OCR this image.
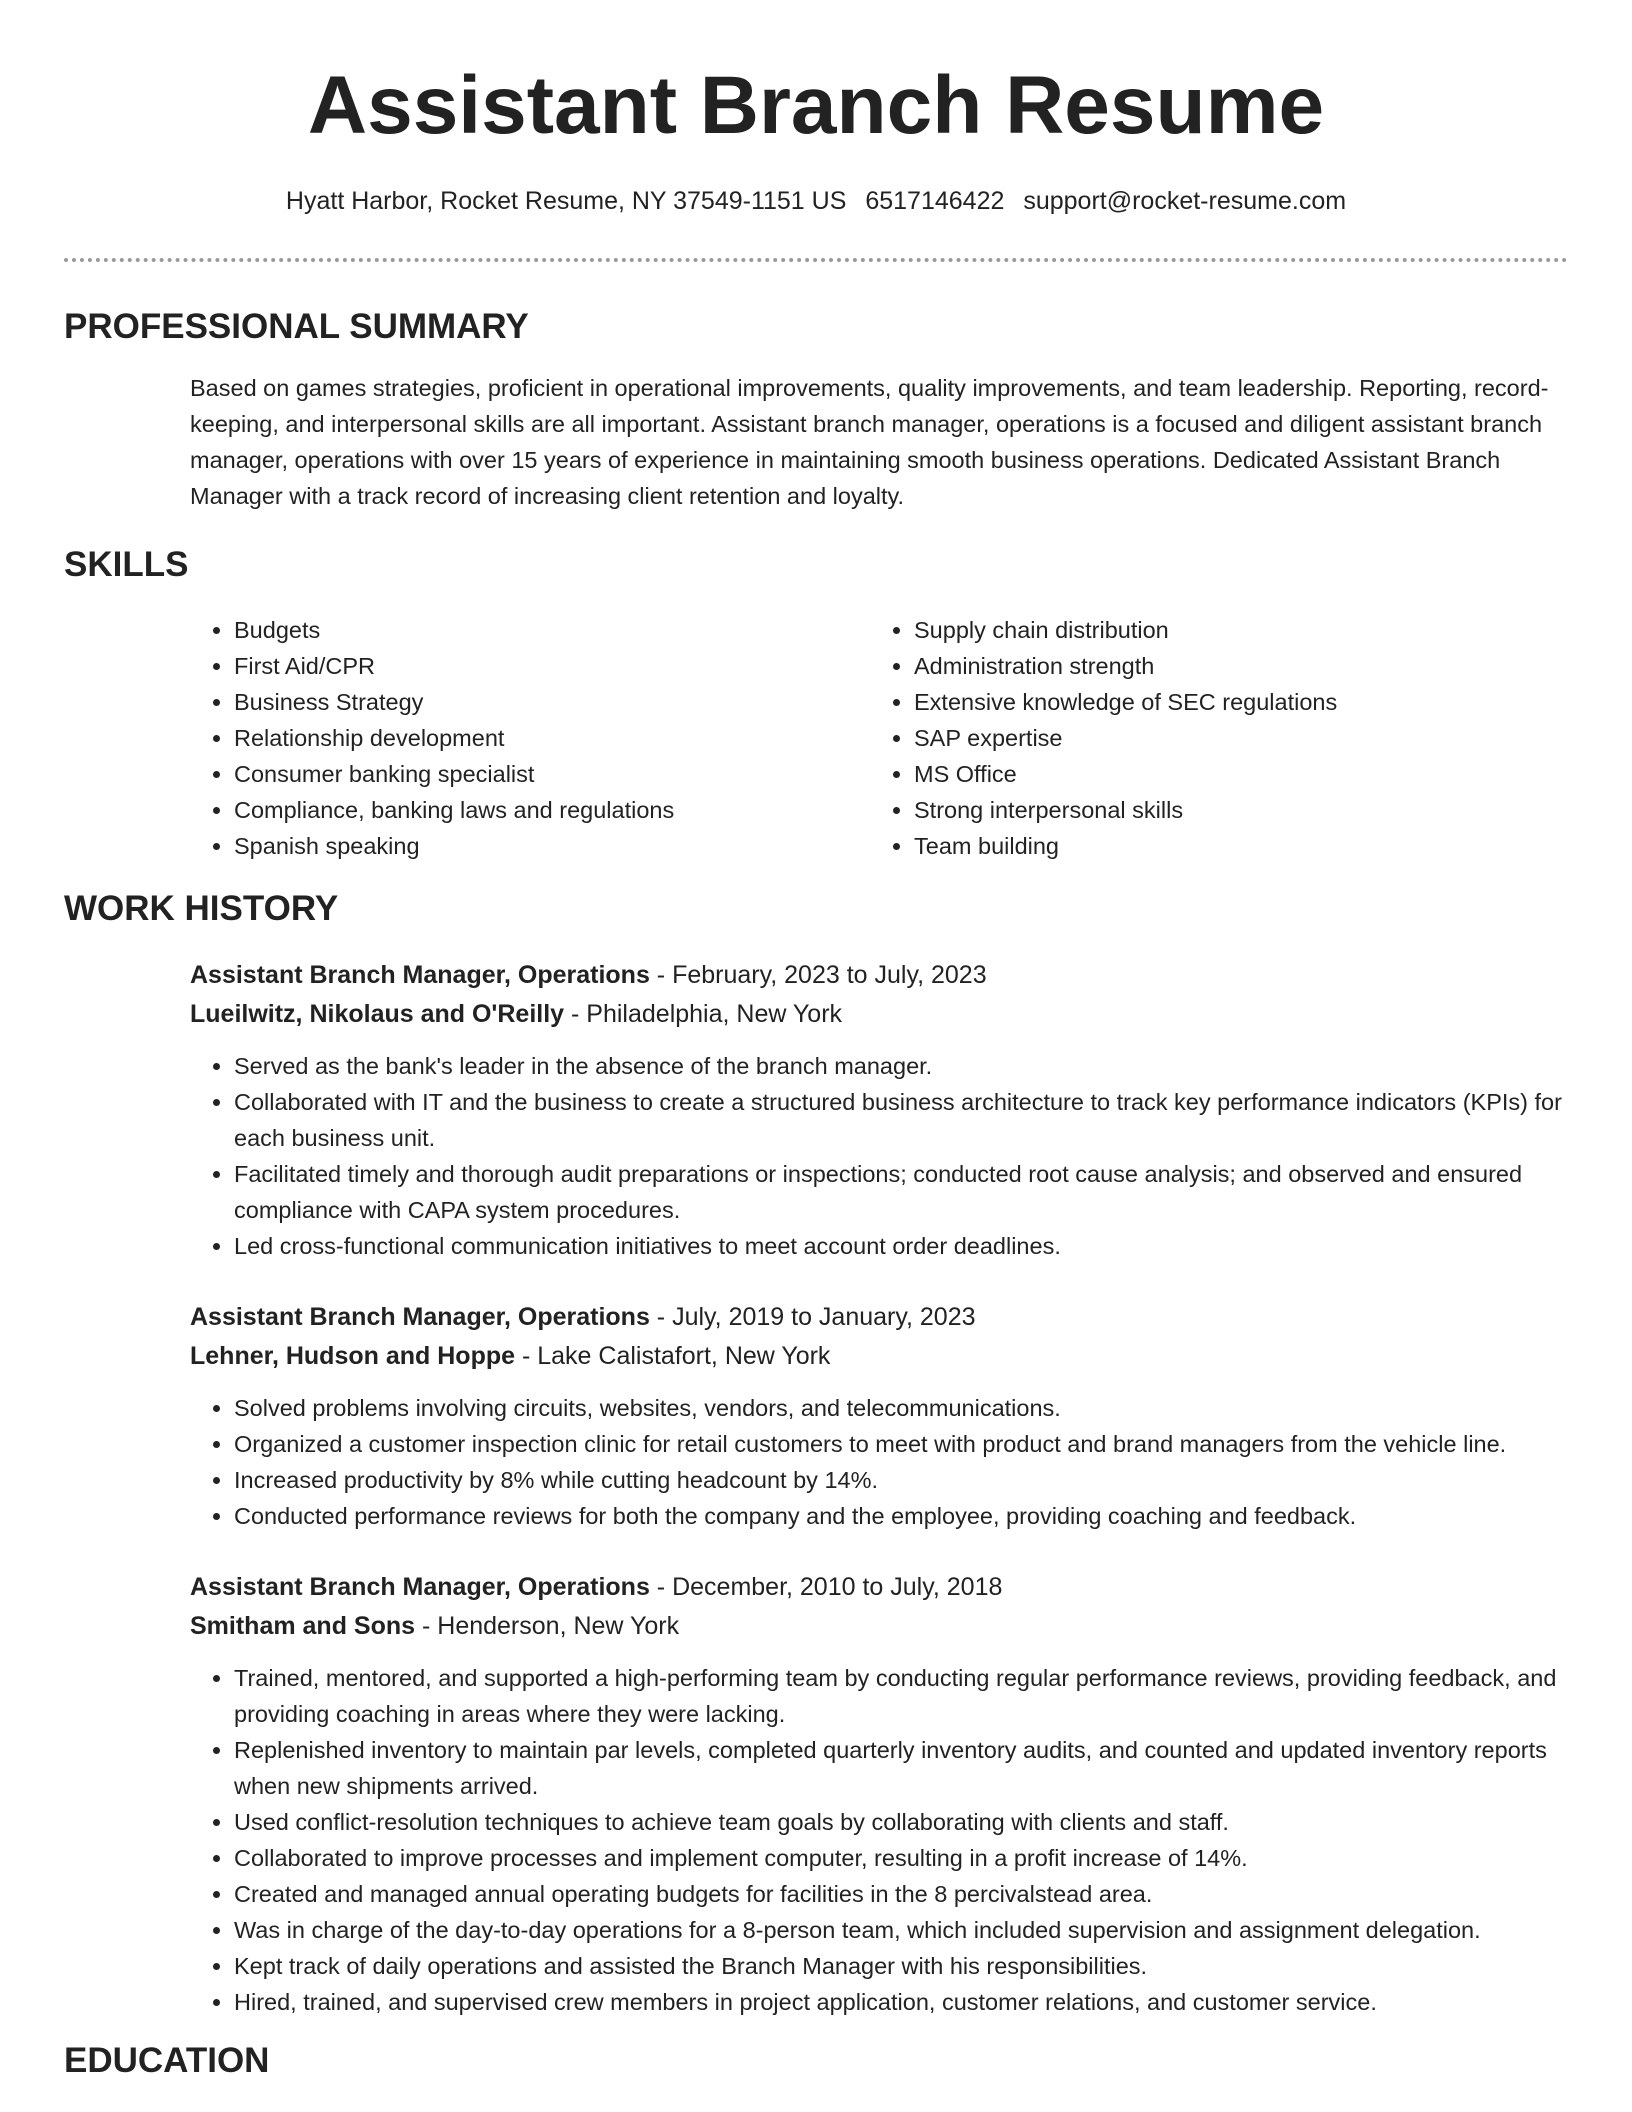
Assistant Branch Resume
Hyatt Harbor, Rocket Resume, NY 37549-1151 US 6517146422 support@rocket-resume.com
PROFESSIONAL SUMMARY

Based on games strategies, proficient in operational improvements, quality improvements, and team leadership. Reporting, record-keeping, and interpersonal skills are all important. Assistant branch manager, operations is a focused and diligent assistant branch manager, operations with over 15 years of experience in maintaining smooth business operations. Dedicated Assistant Branch Manager with a track record of increasing client retention and loyalty.

SKILLS
• Budgets
• First Aid/CPR
• Business Strategy
• Relationship development
• Consumer banking specialist
• Compliance, banking laws and regulations
• Spanish speaking
• Supply chain distribution
• Administration strength
• Extensive knowledge of SEC regulations
• SAP expertise
• MS Office
• Strong interpersonal skills
• Team building
WORK HISTORY
Assistant Branch Manager, Operations - February, 2023 to July, 2023
Lueilwitz, Nikolaus and O'Reilly - Philadelphia, New York
• Served as the bank's leader in the absence of the branch manager.
• Collaborated with IT and the business to create a structured business architecture to track key performance indicators (KPIs) for each business unit.
• Facilitated timely and thorough audit preparations or inspections; conducted root cause analysis; and observed and ensured compliance with CAPA system procedures.
• Led cross-functional communication initiatives to meet account order deadlines.
Assistant Branch Manager, Operations - July, 2019 to January, 2023
Lehner, Hudson and Hoppe - Lake Calistafort, New York
• Solved problems involving circuits, websites, vendors, and telecommunications.
• Organized a customer inspection clinic for retail customers to meet with product and brand managers from the vehicle line.
• Increased productivity by 8% while cutting headcount by 14%.
• Conducted performance reviews for both the company and the employee, providing coaching and feedback.
Assistant Branch Manager, Operations - December, 2010 to July, 2018
Smitham and Sons - Henderson, New York
• Trained, mentored, and supported a high-performing team by conducting regular performance reviews, providing feedback, and providing coaching in areas where they were lacking.
• Replenished inventory to maintain par levels, completed quarterly inventory audits, and counted and updated inventory reports when new shipments arrived.
• Used conflict-resolution techniques to achieve team goals by collaborating with clients and staff.
• Collaborated to improve processes and implement computer, resulting in a profit increase of 14%.
• Created and managed annual operating budgets for facilities in the 8 percivalstead area.
• Was in charge of the day-to-day operations for a 8-person team, which included supervision and assignment delegation.
• Kept track of daily operations and assisted the Branch Manager with his responsibilities.
• Hired, trained, and supervised crew members in project application, customer relations, and customer service.
EDUCATION
